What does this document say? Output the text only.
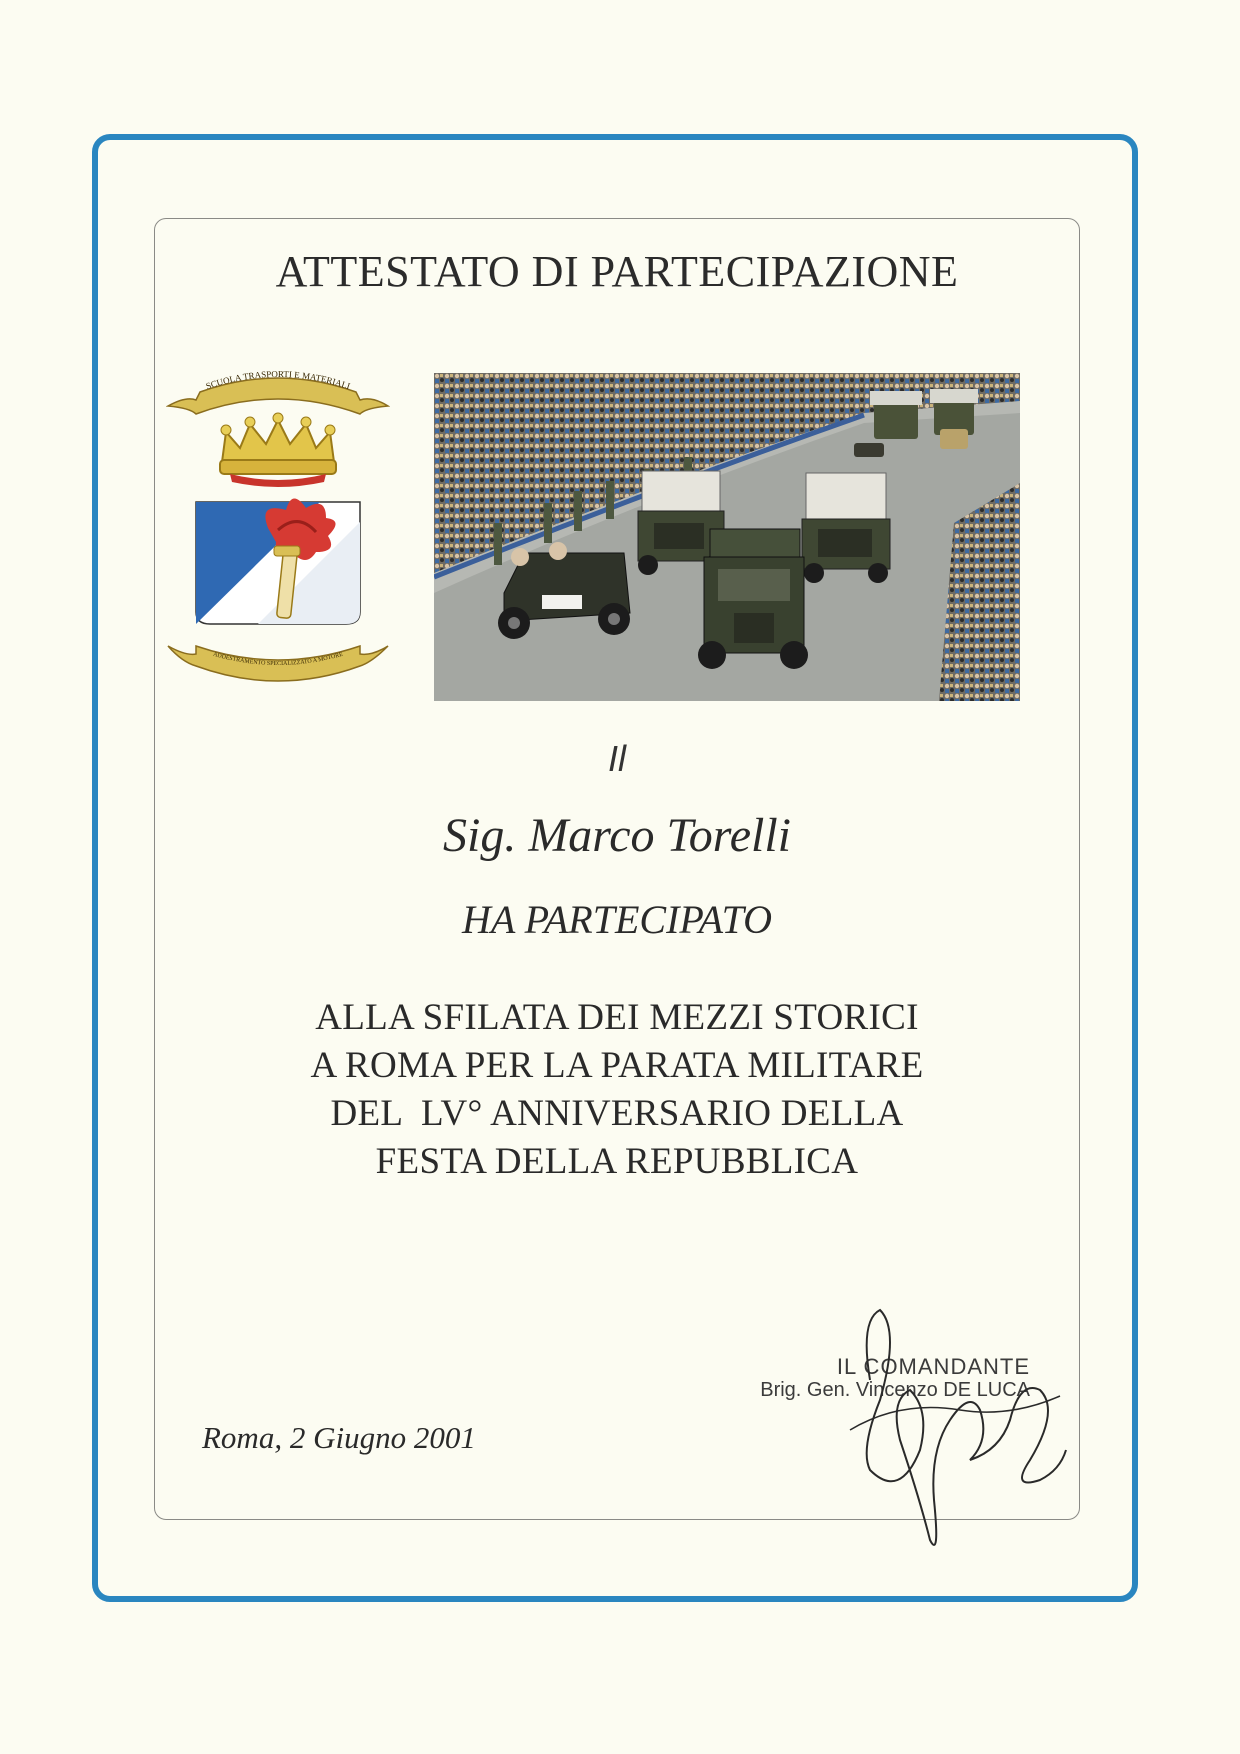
ATTESTATO DI PARTECIPAZIONE
SCUOLA TRASPORTI E MATERIALI
ADDESTRAMENTO SPECIALIZZATO A MOTORE
Il
Sig. Marco Torelli
HA PARTECIPATO
ALLA SFILATA DEI MEZZI STORICI
A ROMA PER LA PARATA MILITARE
DEL  LV° ANNIVERSARIO DELLA
FESTA DELLA REPUBBLICA
IL COMANDANTE
Brig. Gen. Vincenzo DE LUCA
Roma, 2 Giugno 2001
